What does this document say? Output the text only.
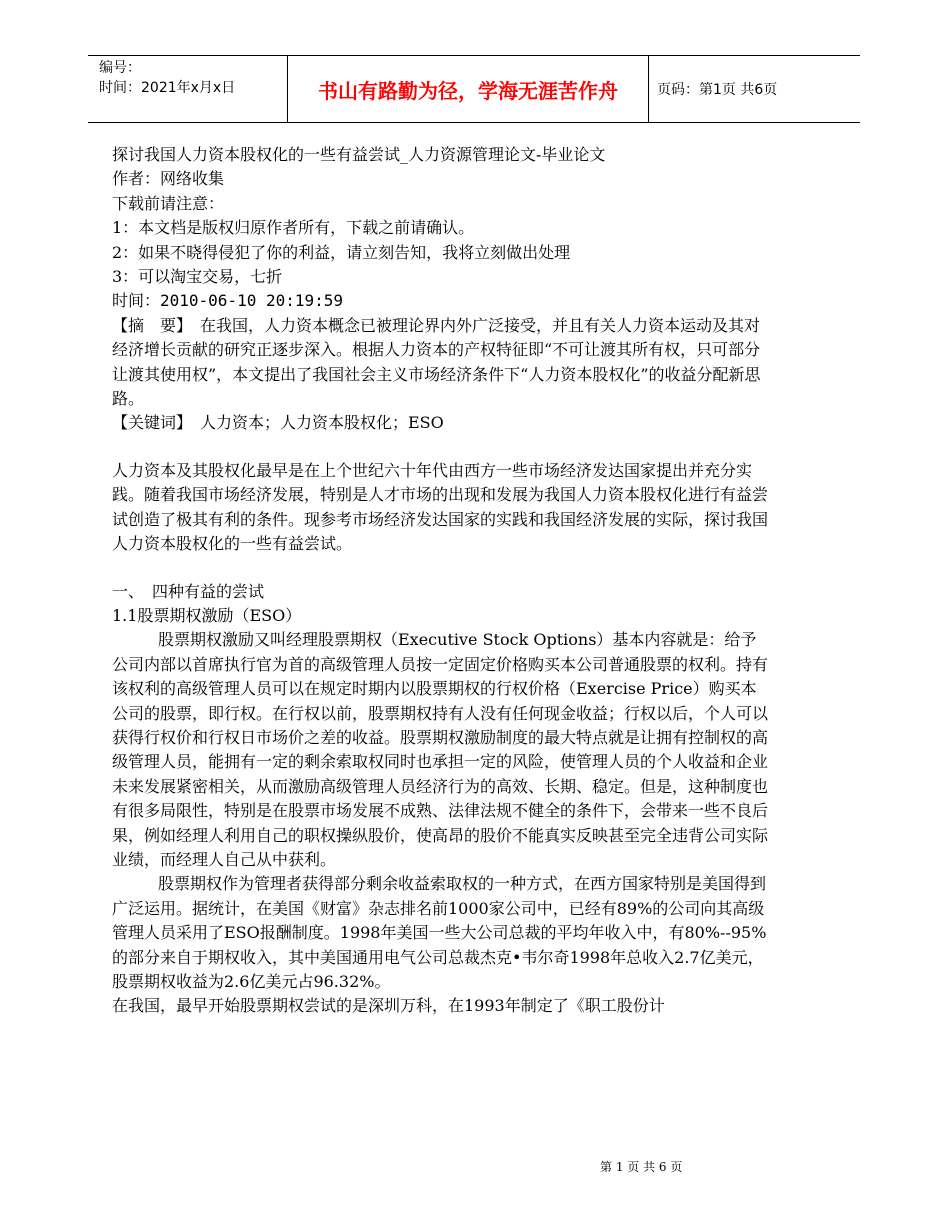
编号：
时间：2021年x月x日	书山有路勤为径，学海无涯苦作舟	页码：第1页 共6页

探讨我国人力资本股权化的一些有益尝试_人力资源管理论文-毕业论文

作者：网络收集

下载前请注意：

1：本文档是版权归原作者所有，下载之前请确认。

2：如果不晓得侵犯了你的利益，请立刻告知，我将立刻做出处理

3：可以淘宝交易，七折

时间：2010-06-10 20:19:59

【摘　要】　在我国，人力资本概念已被理论界内外广泛接受，并且有关人力资本运动及其对经济增长贡献的研究正逐步深入。根据人力资本的产权特征即“不可让渡其所有权，只可部分让渡其使用权”，本文提出了我国社会主义市场经济条件下“人力资本股权化”的收益分配新思路。

【关键词】　人力资本；人力资本股权化；ESO

人力资本及其股权化最早是在上个世纪六十年代由西方一些市场经济发达国家提出并充分实践。随着我国市场经济发展，特别是人才市场的出现和发展为我国人力资本股权化进行有益尝试创造了极其有利的条件。现参考市场经济发达国家的实践和我国经济发展的实际，探讨我国人力资本股权化的一些有益尝试。

一、　四种有益的尝试

1.1股票期权激励（ESO）

股票期权激励又叫经理股票期权（Executive Stock Options）基本内容就是：给予公司内部以首席执行官为首的高级管理人员按一定固定价格购买本公司普通股票的权利。持有该权利的高级管理人员可以在规定时期内以股票期权的行权价格（Exercise Price）购买本公司的股票，即行权。在行权以前，股票期权持有人没有任何现金收益；行权以后，个人可以获得行权价和行权日市场价之差的收益。股票期权激励制度的最大特点就是让拥有控制权的高级管理人员，能拥有一定的剩余索取权同时也承担一定的风险，使管理人员的个人收益和企业未来发展紧密相关，从而激励高级管理人员经济行为的高效、长期、稳定。但是，这种制度也有很多局限性，特别是在股票市场发展不成熟、法律法规不健全的条件下，会带来一些不良后果，例如经理人利用自己的职权操纵股价，使高昂的股价不能真实反映甚至完全违背公司实际业绩，而经理人自己从中获利。

股票期权作为管理者获得部分剩余收益索取权的一种方式，在西方国家特别是美国得到广泛运用。据统计，在美国《财富》杂志排名前1000家公司中，已经有89%的公司向其高级管理人员采用了ESO报酬制度。1998年美国一些大公司总裁的平均年收入中，有80%--95%的部分来自于期权收入，其中美国通用电气公司总裁杰克•韦尔奇1998年总收入2.7亿美元，股票期权收益为2.6亿美元占96.32%。

在我国，最早开始股票期权尝试的是深圳万科，在1993年制定了《职工股份计

第 1 页 共 6 页
